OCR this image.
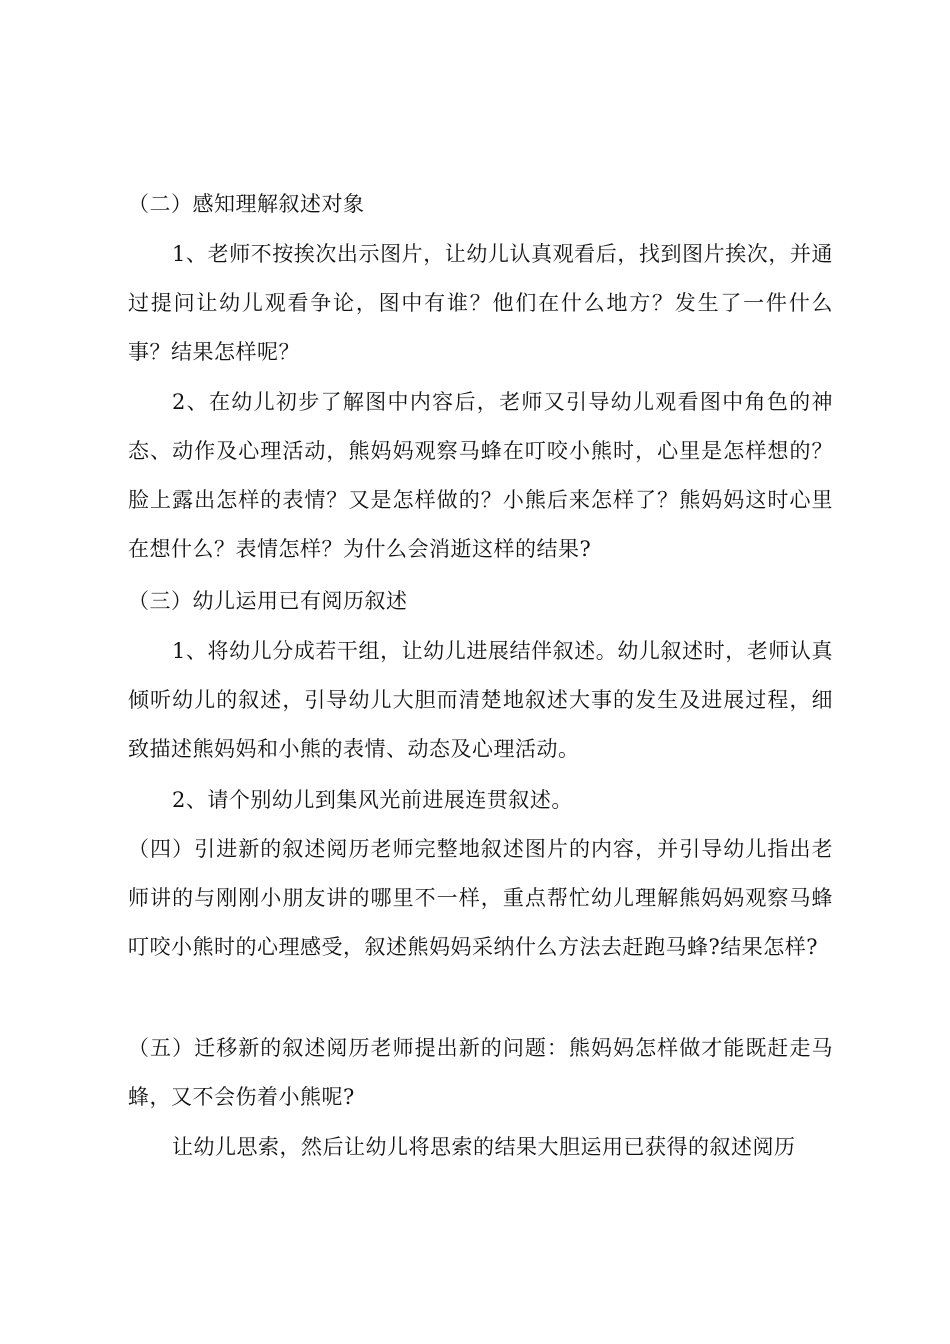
（二）感知理解叙述对象

1、老师不按挨次出示图片，让幼儿认真观看后，找到图片挨次，并通过提问让幼儿观看争论，图中有谁？他们在什么地方？发生了一件什么事？结果怎样呢？

2、在幼儿初步了解图中内容后，老师又引导幼儿观看图中角色的神态、动作及心理活动，熊妈妈观察马蜂在叮咬小熊时，心里是怎样想的？脸上露出怎样的表情？又是怎样做的？小熊后来怎样了？熊妈妈这时心里在想什么？表情怎样？为什么会消逝这样的结果?

（三）幼儿运用已有阅历叙述

1、将幼儿分成若干组，让幼儿进展结伴叙述。幼儿叙述时，老师认真倾听幼儿的叙述，引导幼儿大胆而清楚地叙述大事的发生及进展过程，细致描述熊妈妈和小熊的表情、动态及心理活动。

2、请个别幼儿到集风光前进展连贯叙述。

（四）引进新的叙述阅历老师完整地叙述图片的内容，并引导幼儿指出老师讲的与刚刚小朋友讲的哪里不一样，重点帮忙幼儿理解熊妈妈观察马蜂叮咬小熊时的心理感受，叙述熊妈妈采纳什么方法去赶跑马蜂?结果怎样?

（五）迁移新的叙述阅历老师提出新的问题：熊妈妈怎样做才能既赶走马蜂，又不会伤着小熊呢?

让幼儿思索，然后让幼儿将思索的结果大胆运用已获得的叙述阅历
